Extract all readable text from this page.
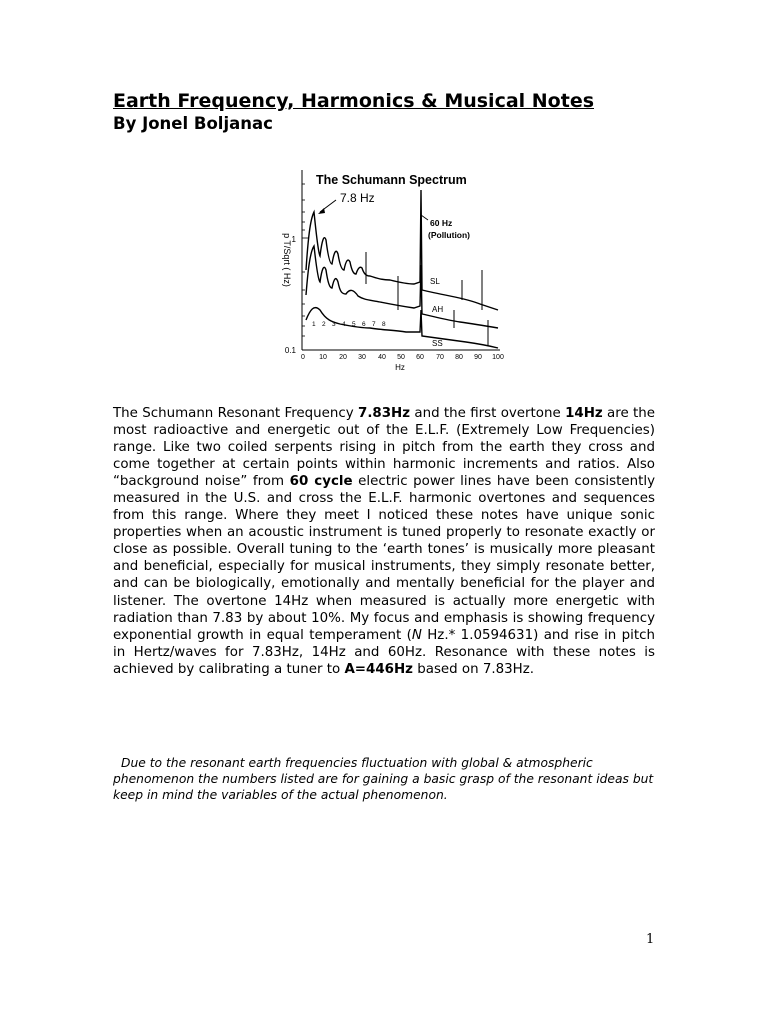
Earth Frequency, Harmonics & Musical Notes
By Jonel Boljanac
1
0.1
p T/Sqrt ( Hz)
0 10 20 30 40 50 60 70 80 90 100
Hz
The Schumann Spectrum
7.8 Hz
60 Hz
(Pollution)
1 2 3 4 5 6 7 8
SL
AH
SS

The Schumann Resonant Frequency 7.83Hz and the first overtone 14Hz are the most radioactive and energetic out of the E.L.F. (Extremely Low Frequencies) range. Like two coiled serpents rising in pitch from the earth they cross and come together at certain points within harmonic increments and ratios. Also “background noise” from 60 cycle electric power lines have been consistently measured in the U.S. and cross the E.L.F. harmonic overtones and sequences from this range. Where they meet I noticed these notes have unique sonic properties when an acoustic instrument is tuned properly to resonate exactly or close as possible. Overall tuning to the ‘earth tones’ is musically more pleasant and beneficial, especially for musical instruments, they simply resonate better, and can be biologically, emotionally and mentally beneficial for the player and listener. The overtone 14Hz when measured is actually more energetic with radiation than 7.83 by about 10%. My focus and emphasis is showing frequency exponential growth in equal temperament (N Hz.* 1.0594631) and rise in pitch in Hertz/waves for 7.83Hz, 14Hz and 60Hz. Resonance with these notes is achieved by calibrating a tuner to A=446Hz based on 7.83Hz.

Due to the resonant earth frequencies fluctuation with global & atmospheric phenomenon the numbers listed are for gaining a basic grasp of the resonant ideas but keep in mind the variables of the actual phenomenon.

1
